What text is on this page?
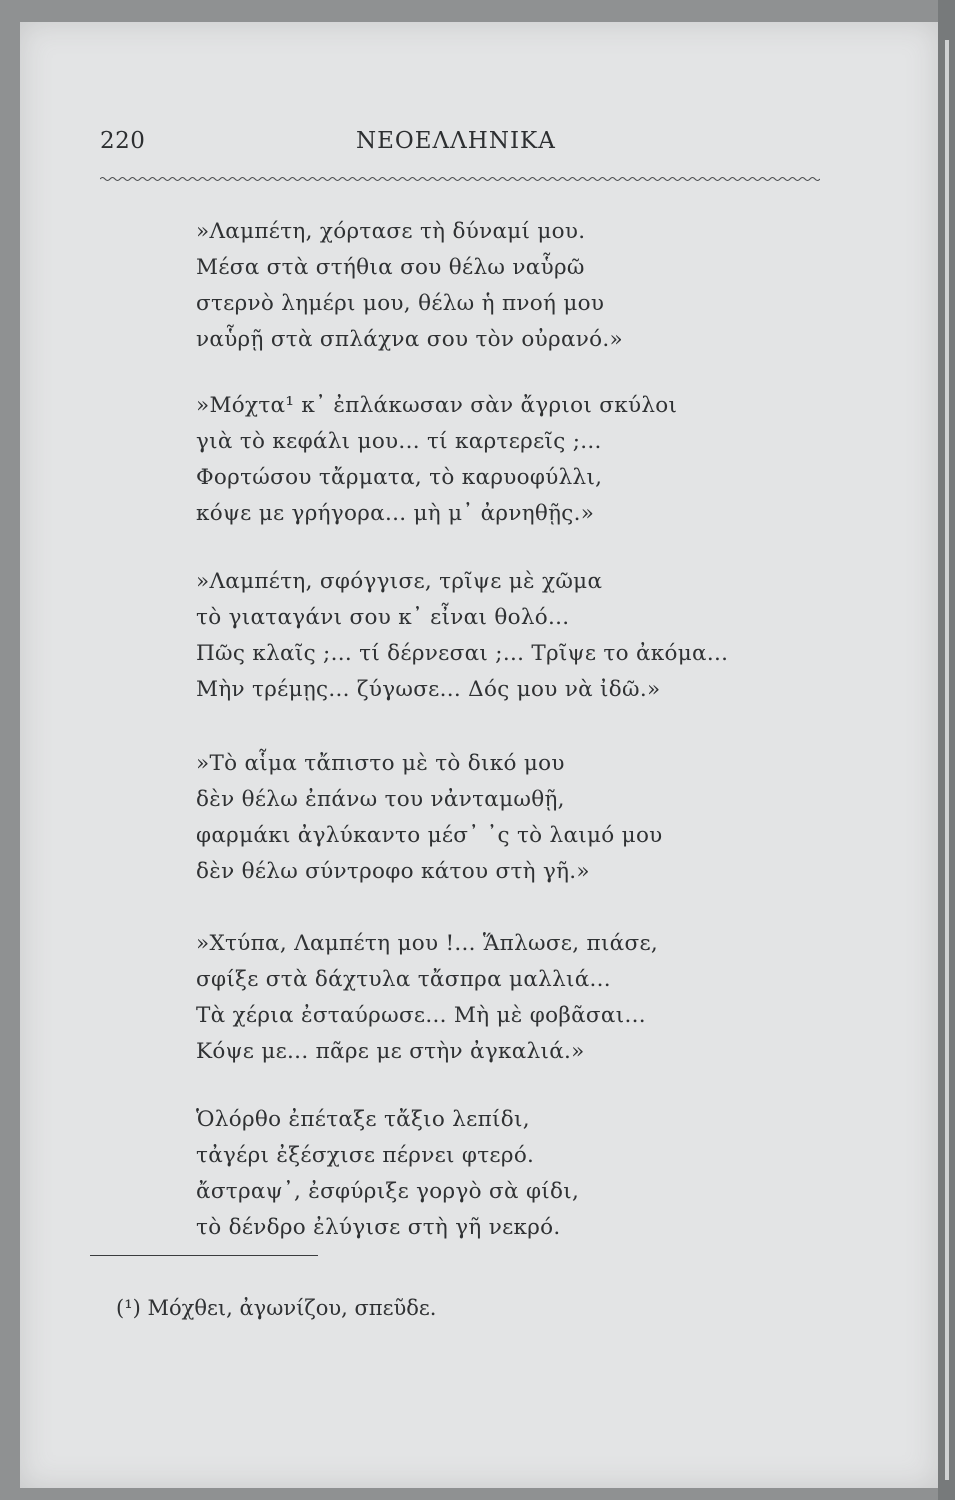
220	ΝΕΟΕΛΛΗΝΙΚΑ
»Λαμπέτη, χόρτασε τὴ δύναμί μου.
Μέσα στὰ στήθια σου θέλω ναὗρῶ
στερνὸ λημέρι μου, θέλω ἡ πνοή μου
ναὗρῇ στὰ σπλάχνα σου τὸν οὐρανό.»
»Μόχτα¹ κ᾽ ἐπλάκωσαν σὰν ἄγριοι σκύλοι
γιὰ τὸ κεφάλι μου... τί καρτερεῖς ;...
Φορτώσου τἄρματα, τὸ καρυοφύλλι,
κόψε με γρήγορα... μὴ μ᾽ ἀρνηθῇς.»
»Λαμπέτη, σφόγγισε, τρῖψε μὲ χῶμα
τὸ γιαταγάνι σου κ᾽ εἶναι θολό...
Πῶς κλαῖς ;... τί δέρνεσαι ;... Τρῖψε το ἀκόμα...
Μὴν τρέμῃς... ζύγωσε... Δός μου νὰ ἰδῶ.»
»Τὸ αἷμα τἄπιστο μὲ τὸ δικό μου
δὲν θέλω ἐπάνω του νἀνταμωθῇ,
φαρμάκι ἀγλύκαντο μέσ᾽ ᾽ς τὸ λαιμό μου
δὲν θέλω σύντροφο κάτου στὴ γῆ.»
»Χτύπα, Λαμπέτη μου !... Ἅπλωσε, πιάσε,
σφίξε στὰ δάχτυλα τἄσπρα μαλλιά...
Τὰ χέρια ἐσταύρωσε... Μὴ μὲ φοβᾶσαι...
Κόψε με... πᾶρε με στὴν ἀγκαλιά.»
Ὁλόρθο ἐπέταξε τἄξιο λεπίδι,
τἀγέρι ἐξέσχισε πέρνει φτερό.
ἄστραψ᾽, ἐσφύριξε γοργὸ σὰ φίδι,
τὸ δένδρο ἐλύγισε στὴ γῆ νεκρό.
(¹) Μόχθει, ἀγωνίζου, σπεῦδε.
